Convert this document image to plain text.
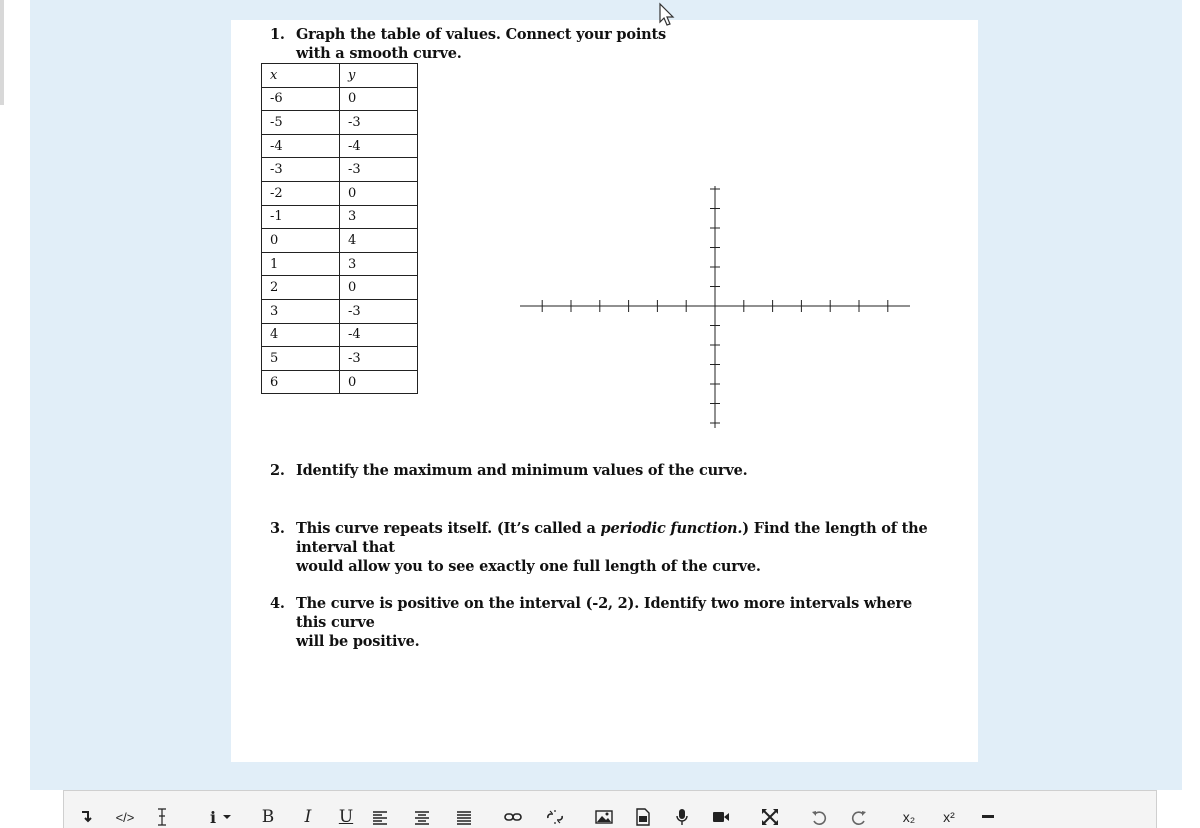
1. Graph the table of values. Connect your points
with a smooth curve.
x	y
-6	0
-5	-3
-4	-4
-3	-3
-2	0
-1	3
0	4
1	3
2	0
3	-3
4	-4
5	-3
6	0
2. Identify the maximum and minimum values of the curve.
3. This curve repeats itself. (It’s called a periodic function.) Find the length of the interval that
would allow you to see exactly one full length of the curve.
4. The curve is positive on the interval (-2, 2). Identify two more intervals where this curve
will be positive.
</>	i	B	I	U	x₂	x²
